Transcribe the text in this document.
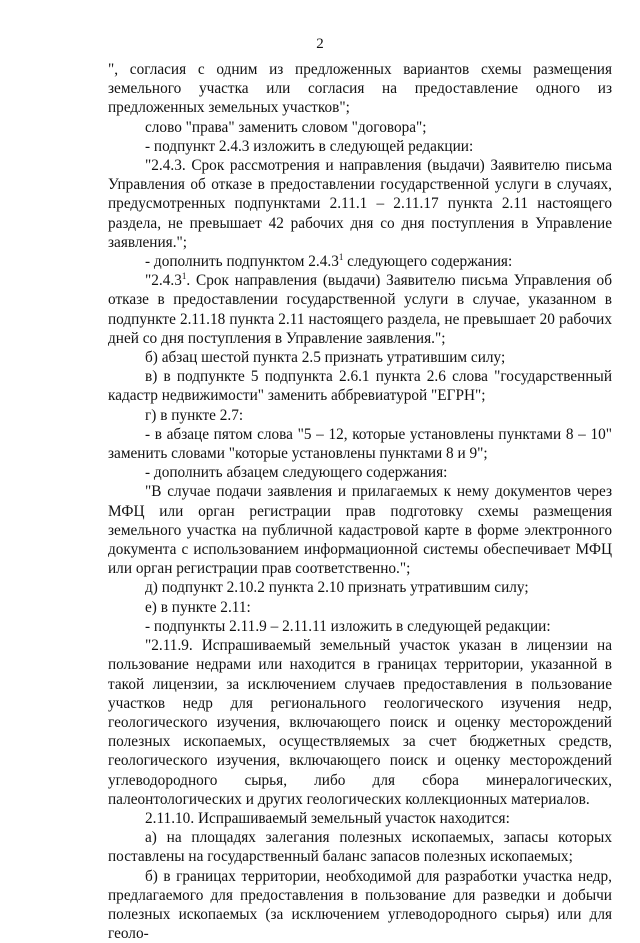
2

", согласия с одним из предложенных вариантов схемы размещения земельного участка или согласия на предоставление одного из предложенных земельных участков";

слово "права" заменить словом "договора";

- подпункт 2.4.3 изложить в следующей редакции:

"2.4.3. Срок рассмотрения и направления (выдачи) Заявителю письма Управления об отказе в предоставлении государственной услуги в случаях, предусмотренных подпунктами 2.11.1 – 2.11.17 пункта 2.11 настоящего раздела, не превышает 42 рабочих дня со дня поступления в Управление заявления.";

- дополнить подпунктом 2.4.3$^1$ следующего содержания:

"2.4.3$^1$. Срок направления (выдачи) Заявителю письма Управления об отказе в предоставлении государственной услуги в случае, указанном в подпункте 2.11.18 пункта 2.11 настоящего раздела, не превышает 20 рабочих дней со дня поступления в Управление заявления.";

б) абзац шестой пункта 2.5 признать утратившим силу;

в) в подпункте 5 подпункта 2.6.1 пункта 2.6 слова "государственный кадастр недвижимости" заменить аббревиатурой "ЕГРН";

г) в пункте 2.7:

- в абзаце пятом слова "5 – 12, которые установлены пунктами 8 – 10" заменить словами "которые установлены пунктами 8 и 9";

- дополнить абзацем следующего содержания:

"В случае подачи заявления и прилагаемых к нему документов через МФЦ или орган регистрации прав подготовку схемы размещения земельного участка на публичной кадастровой карте в форме электронного документа с использованием информационной системы обеспечивает МФЦ или орган регистрации прав соответственно.";

д) подпункт 2.10.2 пункта 2.10 признать утратившим силу;

е) в пункте 2.11:

- подпункты 2.11.9 – 2.11.11 изложить в следующей редакции:

"2.11.9. Испрашиваемый земельный участок указан в лицензии на пользование недрами или находится в границах территории, указанной в такой лицензии, за исключением случаев предоставления в пользование участков недр для регионального геологического изучения недр, геологического изучения, включающего поиск и оценку месторождений полезных ископаемых, осуществляемых за счет бюджетных средств, геологического изучения, включающего поиск и оценку месторождений углеводородного сырья, либо для сбора минералогических, палеонтологических и других геологических коллекционных материалов.

2.11.10. Испрашиваемый земельный участок находится:

а) на площадях залегания полезных ископаемых, запасы которых поставлены на государственный баланс запасов полезных ископаемых;

б) в границах территории, необходимой для разработки участка недр, предлагаемого для предоставления в пользование для разведки и добычи полезных ископаемых (за исключением углеводородного сырья) или для геоло-
